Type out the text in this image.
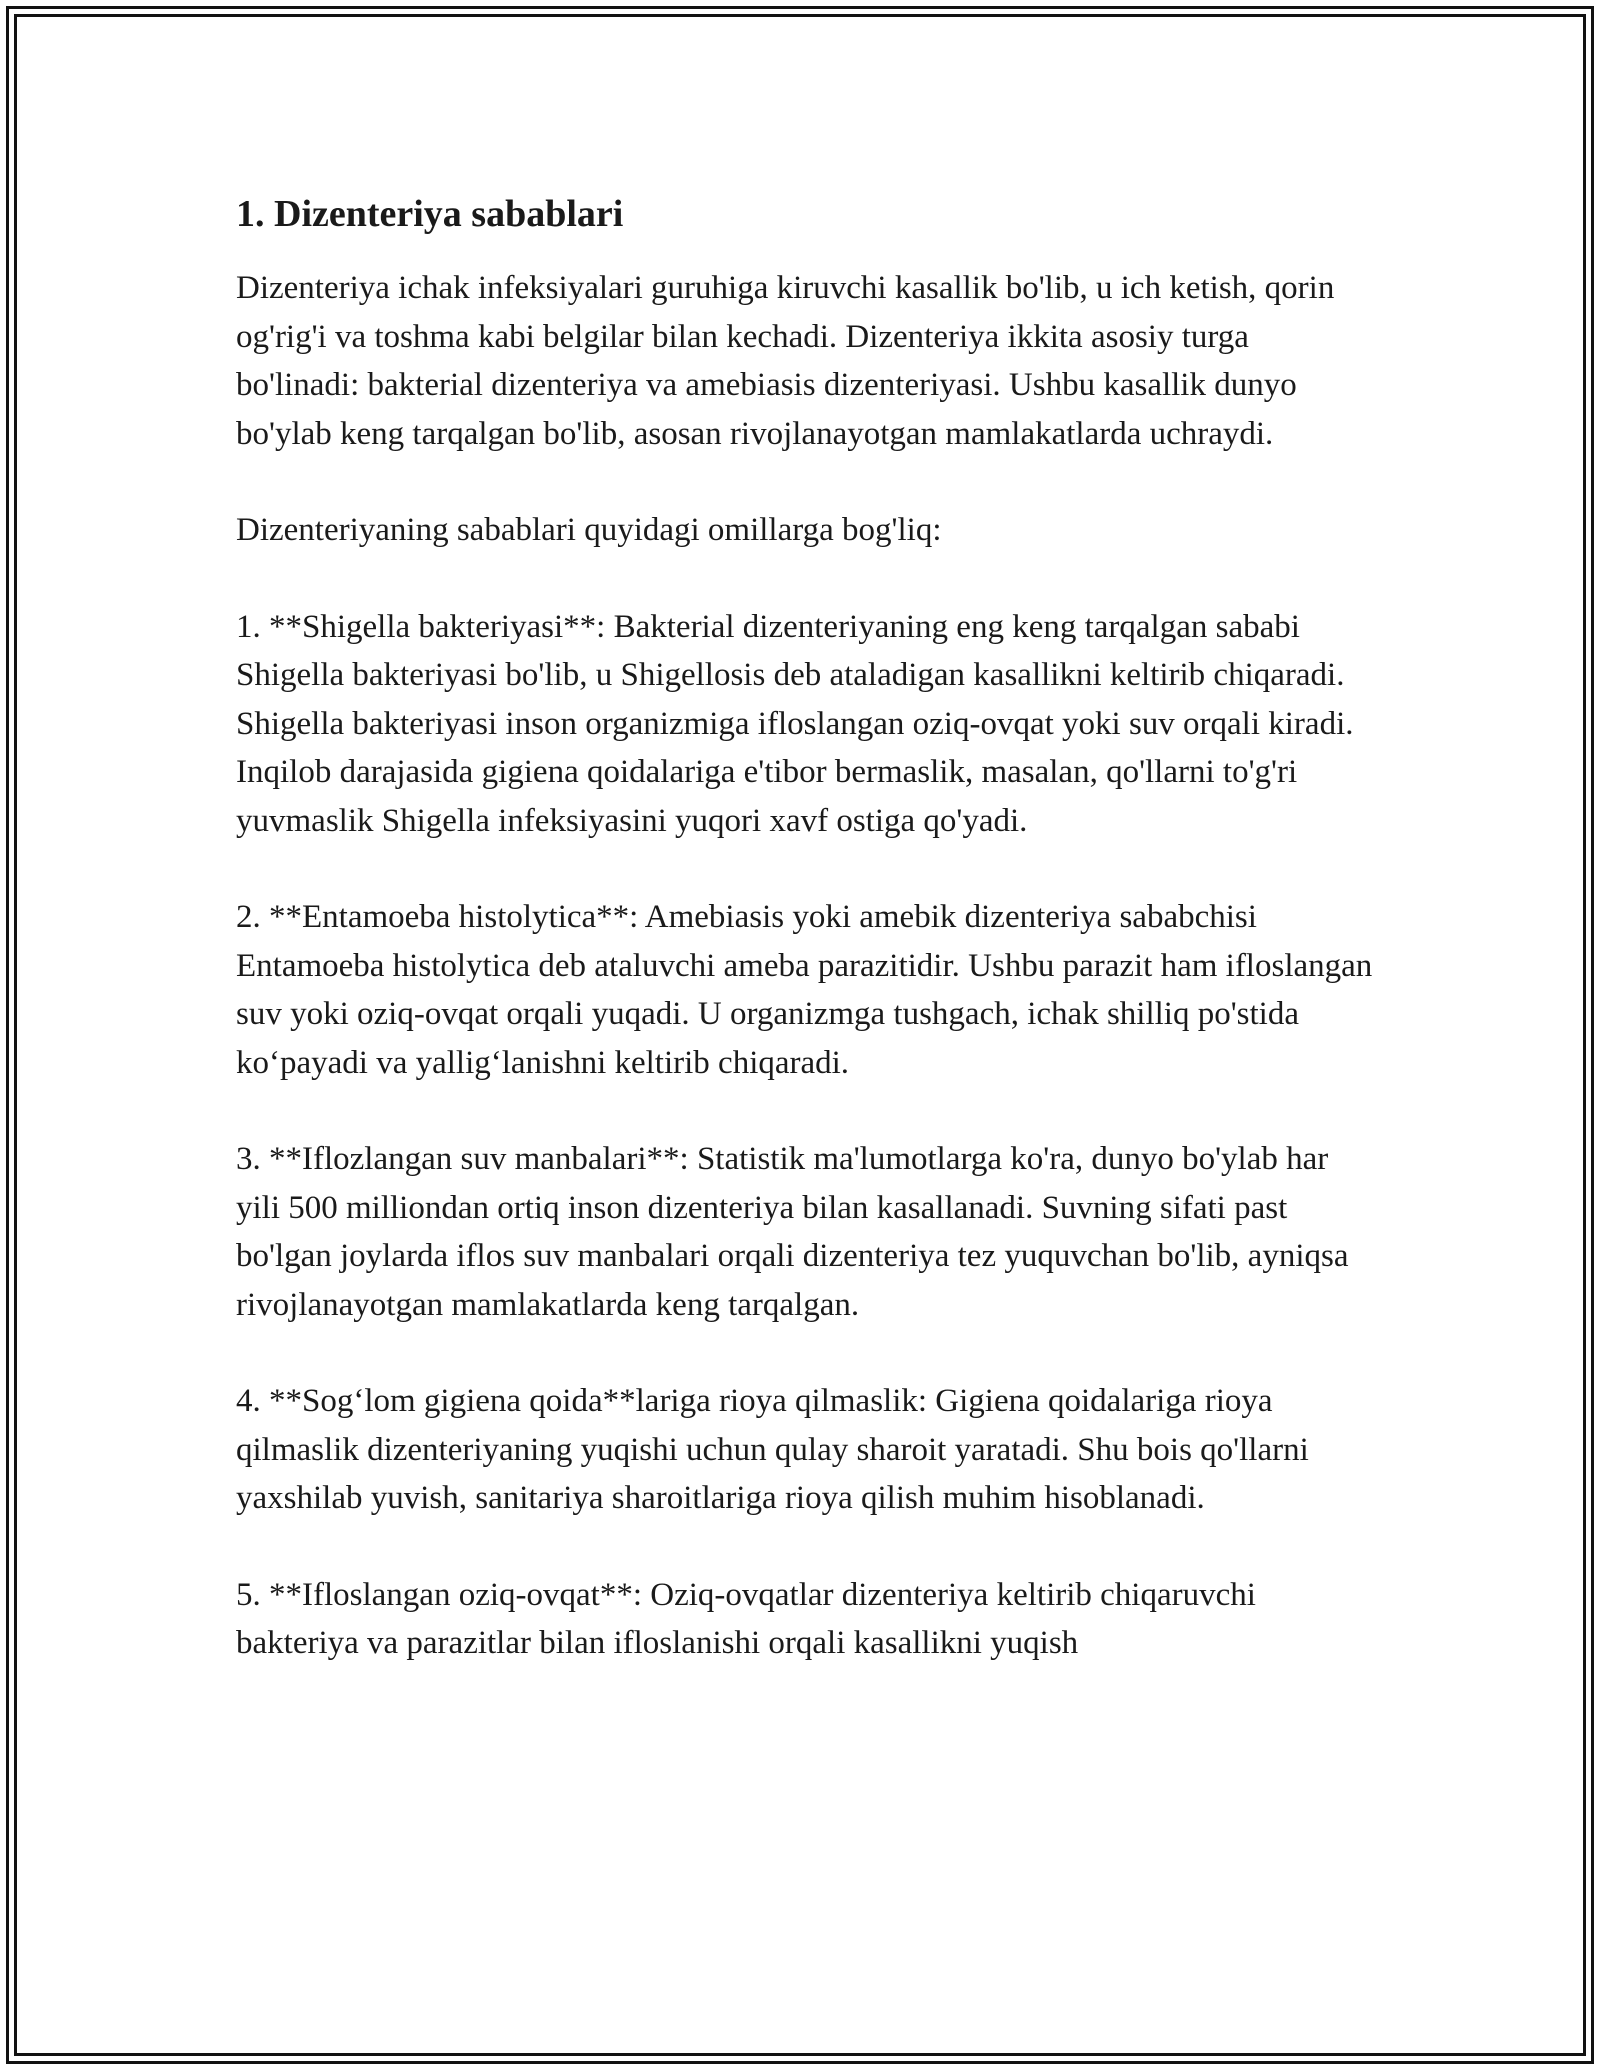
1. Dizenteriya sabablari

Dizenteriya ichak infeksiyalari guruhiga kiruvchi kasallik bo'lib, u ich ketish, qorin og'rig'i va toshma kabi belgilar bilan kechadi. Dizenteriya ikkita asosiy turga bo'linadi: bakterial dizenteriya va amebiasis dizenteriyasi. Ushbu kasallik dunyo bo'ylab keng tarqalgan bo'lib, asosan rivojlanayotgan mamlakatlarda uchraydi.

Dizenteriyaning sabablari quyidagi omillarga bog'liq:

1. **Shigella bakteriyasi**: Bakterial dizenteriyaning eng keng tarqalgan sababi Shigella bakteriyasi bo'lib, u Shigellosis deb ataladigan kasallikni keltirib chiqaradi. Shigella bakteriyasi inson organizmiga ifloslangan oziq-ovqat yoki suv orqali kiradi. Inqilob darajasida gigiena qoidalariga e'tibor bermaslik, masalan, qo'llarni to'g'ri yuvmaslik Shigella infeksiyasini yuqori xavf ostiga qo'yadi.

2. **Entamoeba histolytica**: Amebiasis yoki amebik dizenteriya sababchisi Entamoeba histolytica deb ataluvchi ameba parazitidir. Ushbu parazit ham ifloslangan suv yoki oziq-ovqat orqali yuqadi. U organizmga tushgach, ichak shilliq po'stida ko‘payadi va yallig‘lanishni keltirib chiqaradi.

3. **Iflozlangan suv manbalari**: Statistik ma'lumotlarga ko'ra, dunyo bo'ylab har yili 500 milliondan ortiq inson dizenteriya bilan kasallanadi. Suvning sifati past bo'lgan joylarda iflos suv manbalari orqali dizenteriya tez yuquvchan bo'lib, ayniqsa rivojlanayotgan mamlakatlarda keng tarqalgan.

4. **Sog‘lom gigiena qoida**lariga rioya qilmaslik: Gigiena qoidalariga rioya qilmaslik dizenteriyaning yuqishi uchun qulay sharoit yaratadi. Shu bois qo'llarni yaxshilab yuvish, sanitariya sharoitlariga rioya qilish muhim hisoblanadi.

5. **Ifloslangan oziq-ovqat**: Oziq-ovqatlar dizenteriya keltirib chiqaruvchi bakteriya va parazitlar bilan ifloslanishi orqali kasallikni yuqish
